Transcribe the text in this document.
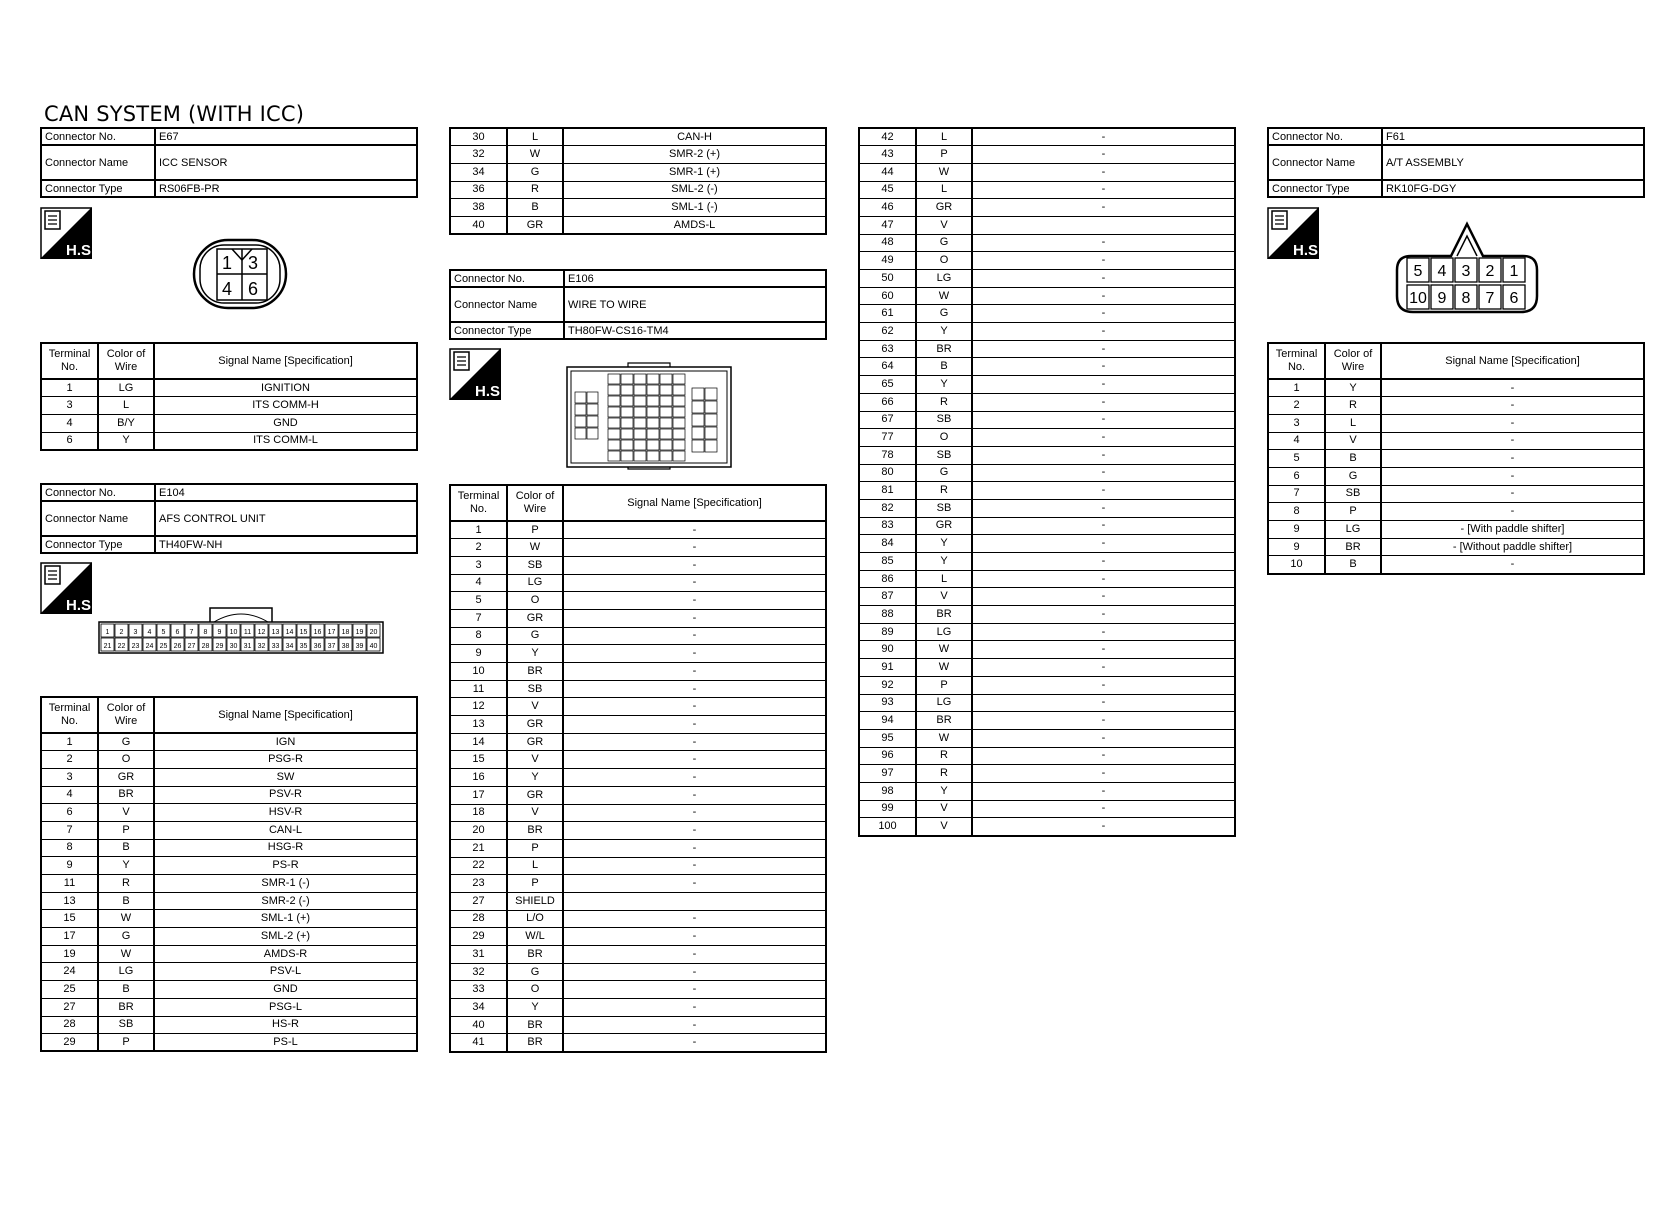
CAN SYSTEM (WITH ICC)
Connector No.	E67
Connector Name	ICC SENSOR
Connector Type	RS06FB-PR
H.S.
1 3
4 6
Terminal No.	Color of Wire	Signal Name [Specification]
1	LG	IGNITION
3	L	ITS COMM-H
4	B/Y	GND
6	Y	ITS COMM-L
Connector No.	E104
Connector Name	AFS CONTROL UNIT
Connector Type	TH40FW-NH
H.S.
1 2 3 4 5 6 7 8 9 10 11 12 13 14 15 16 17 18 19 20
21 22 23 24 25 26 27 28 29 30 31 32 33 34 35 36 37 38 39 40
Terminal No.	Color of Wire	Signal Name [Specification]
1	G	IGN
2	O	PSG-R
3	GR	SW
4	BR	PSV-R
6	V	HSV-R
7	P	CAN-L
8	B	HSG-R
9	Y	PS-R
11	R	SMR-1 (-)
13	B	SMR-2 (-)
15	W	SML-1 (+)
17	G	SML-2 (+)
19	W	AMDS-R
24	LG	PSV-L
25	B	GND
27	BR	PSG-L
28	SB	HS-R
29	P	PS-L
30	L	CAN-H
32	W	SMR-2 (+)
34	G	SMR-1 (+)
36	R	SML-2 (-)
38	B	SML-1 (-)
40	GR	AMDS-L
Connector No.	E106
Connector Name	WIRE TO WIRE
Connector Type	TH80FW-CS16-TM4
H.S.
Terminal No.	Color of Wire	Signal Name [Specification]
1	P	-
2	W	-
3	SB	-
4	LG	-
5	O	-
7	GR	-
8	G	-
9	Y	-
10	BR	-
11	SB	-
12	V	-
13	GR	-
14	GR	-
15	V	-
16	Y	-
17	GR	-
18	V	-
20	BR	-
21	P	-
22	L	-
23	P	-
27	SHIELD	
28	L/O	-
29	W/L	-
31	BR	-
32	G	-
33	O	-
34	Y	-
40	BR	-
41	BR	-
42	L	-
43	P	-
44	W	-
45	L	-
46	GR	-
47	V	
48	G	-
49	O	-
50	LG	-
60	W	-
61	G	-
62	Y	-
63	BR	-
64	B	-
65	Y	-
66	R	-
67	SB	-
77	O	-
78	SB	-
80	G	-
81	R	-
82	SB	-
83	GR	-
84	Y	-
85	Y	-
86	L	-
87	V	-
88	BR	-
89	LG	-
90	W	-
91	W	-
92	P	-
93	LG	-
94	BR	-
95	W	-
96	R	-
97	R	-
98	Y	-
99	V	-
100	V	-
Connector No.	F61
Connector Name	A/T ASSEMBLY
Connector Type	RK10FG-DGY
H.S.
5 4 3 2 1
10 9 8 7 6
Terminal No.	Color of Wire	Signal Name [Specification]
1	Y	-
2	R	-
3	L	-
4	V	-
5	B	-
6	G	-
7	SB	-
8	P	-
9	LG	- [With paddle shifter]
9	BR	- [Without paddle shifter]
10	B	-
